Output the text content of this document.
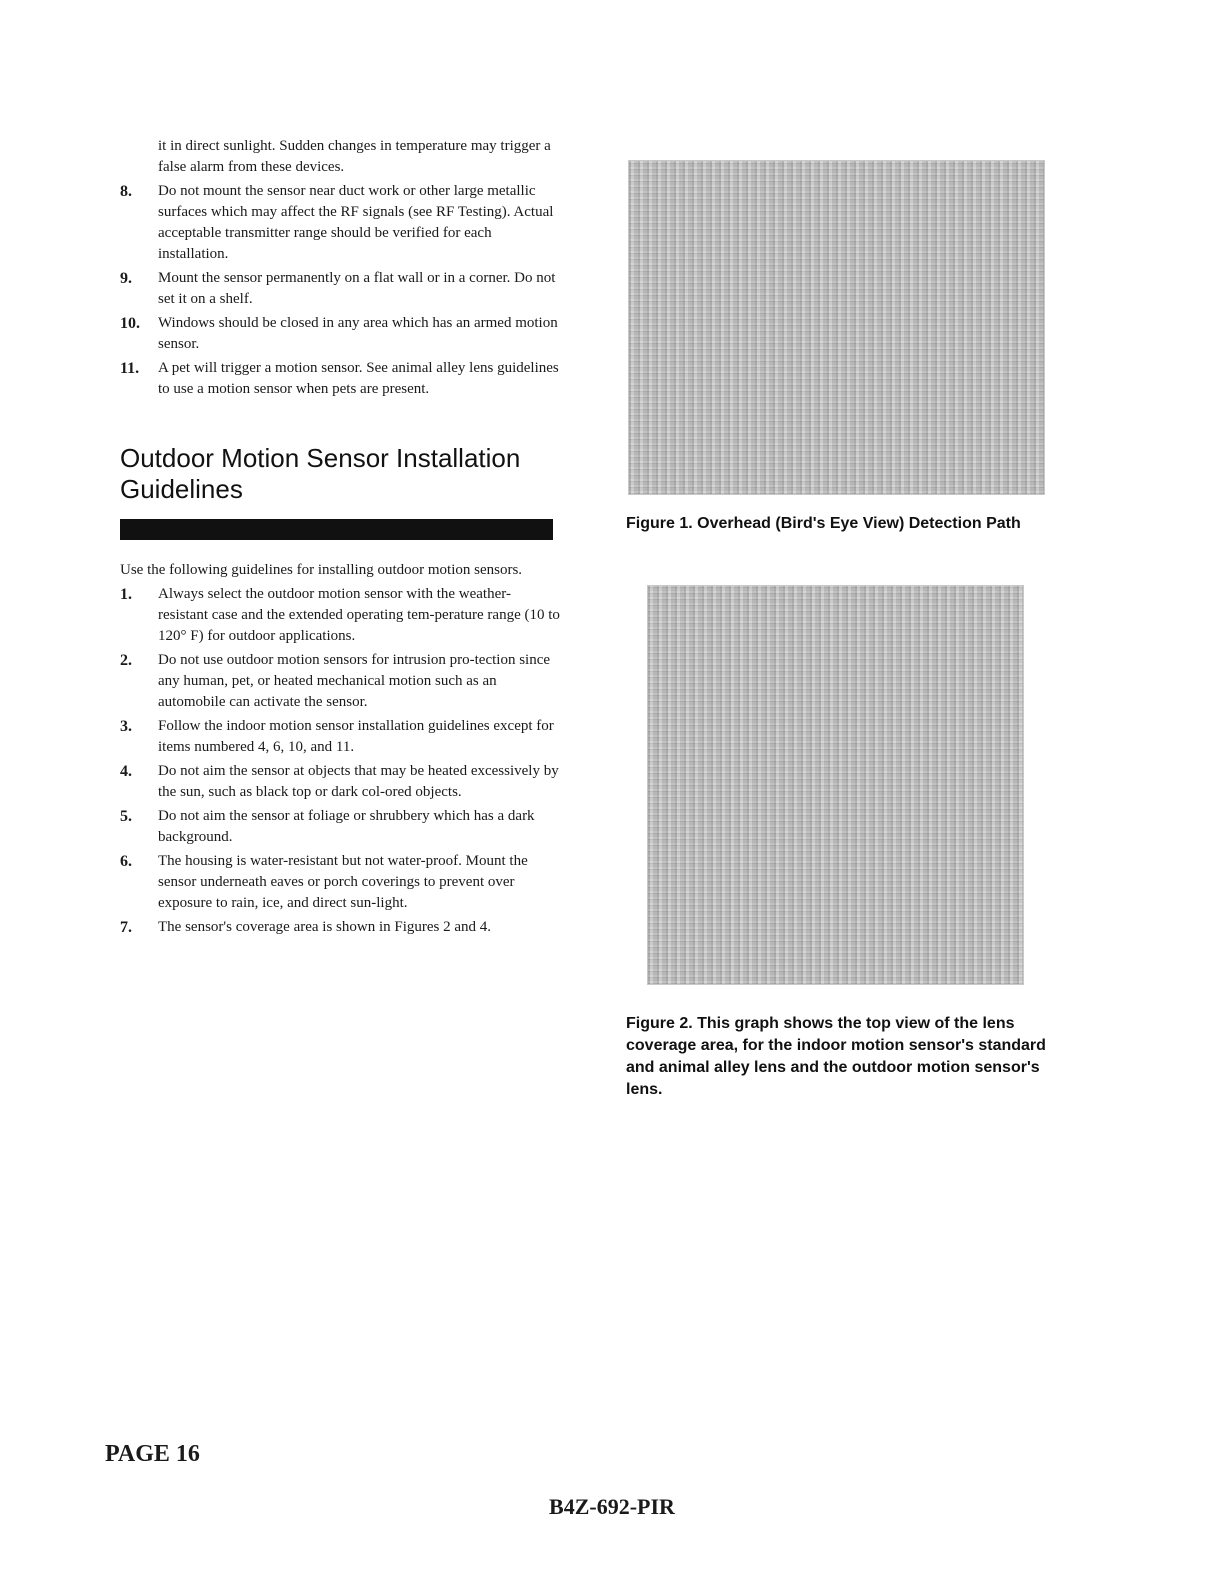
it in direct sunlight. Sudden changes in temperature may trigger a false alarm from these devices.
8. Do not mount the sensor near duct work or other large metallic surfaces which may affect the RF signals (see RF Testing). Actual acceptable transmitter range should be verified for each installation.
9. Mount the sensor permanently on a flat wall or in a corner. Do not set it on a shelf.
10. Windows should be closed in any area which has an armed motion sensor.
11. A pet will trigger a motion sensor. See animal alley lens guidelines to use a motion sensor when pets are present.
Outdoor Motion Sensor Installation Guidelines
Use the following guidelines for installing outdoor motion sensors.
1. Always select the outdoor motion sensor with the weather-resistant case and the extended operating tem-perature range (10 to 120° F) for outdoor applications.
2. Do not use outdoor motion sensors for intrusion pro-tection since any human, pet, or heated mechanical motion such as an automobile can activate the sensor.
3. Follow the indoor motion sensor installation guidelines except for items numbered 4, 6, 10, and 11.
4. Do not aim the sensor at objects that may be heated excessively by the sun, such as black top or dark col-ored objects.
5. Do not aim the sensor at foliage or shrubbery which has a dark background.
6. The housing is water-resistant but not water-proof. Mount the sensor underneath eaves or porch coverings to prevent over exposure to rain, ice, and direct sun-light.
7. The sensor's coverage area is shown in Figures 2 and 4.
Figure 1. Overhead (Bird's Eye View) Detection Path
Figure 2. This graph shows the top view of the lens coverage area, for the indoor motion sensor's standard and animal alley lens and the outdoor motion sensor's lens.
PAGE 16
B4Z-692-PIR
